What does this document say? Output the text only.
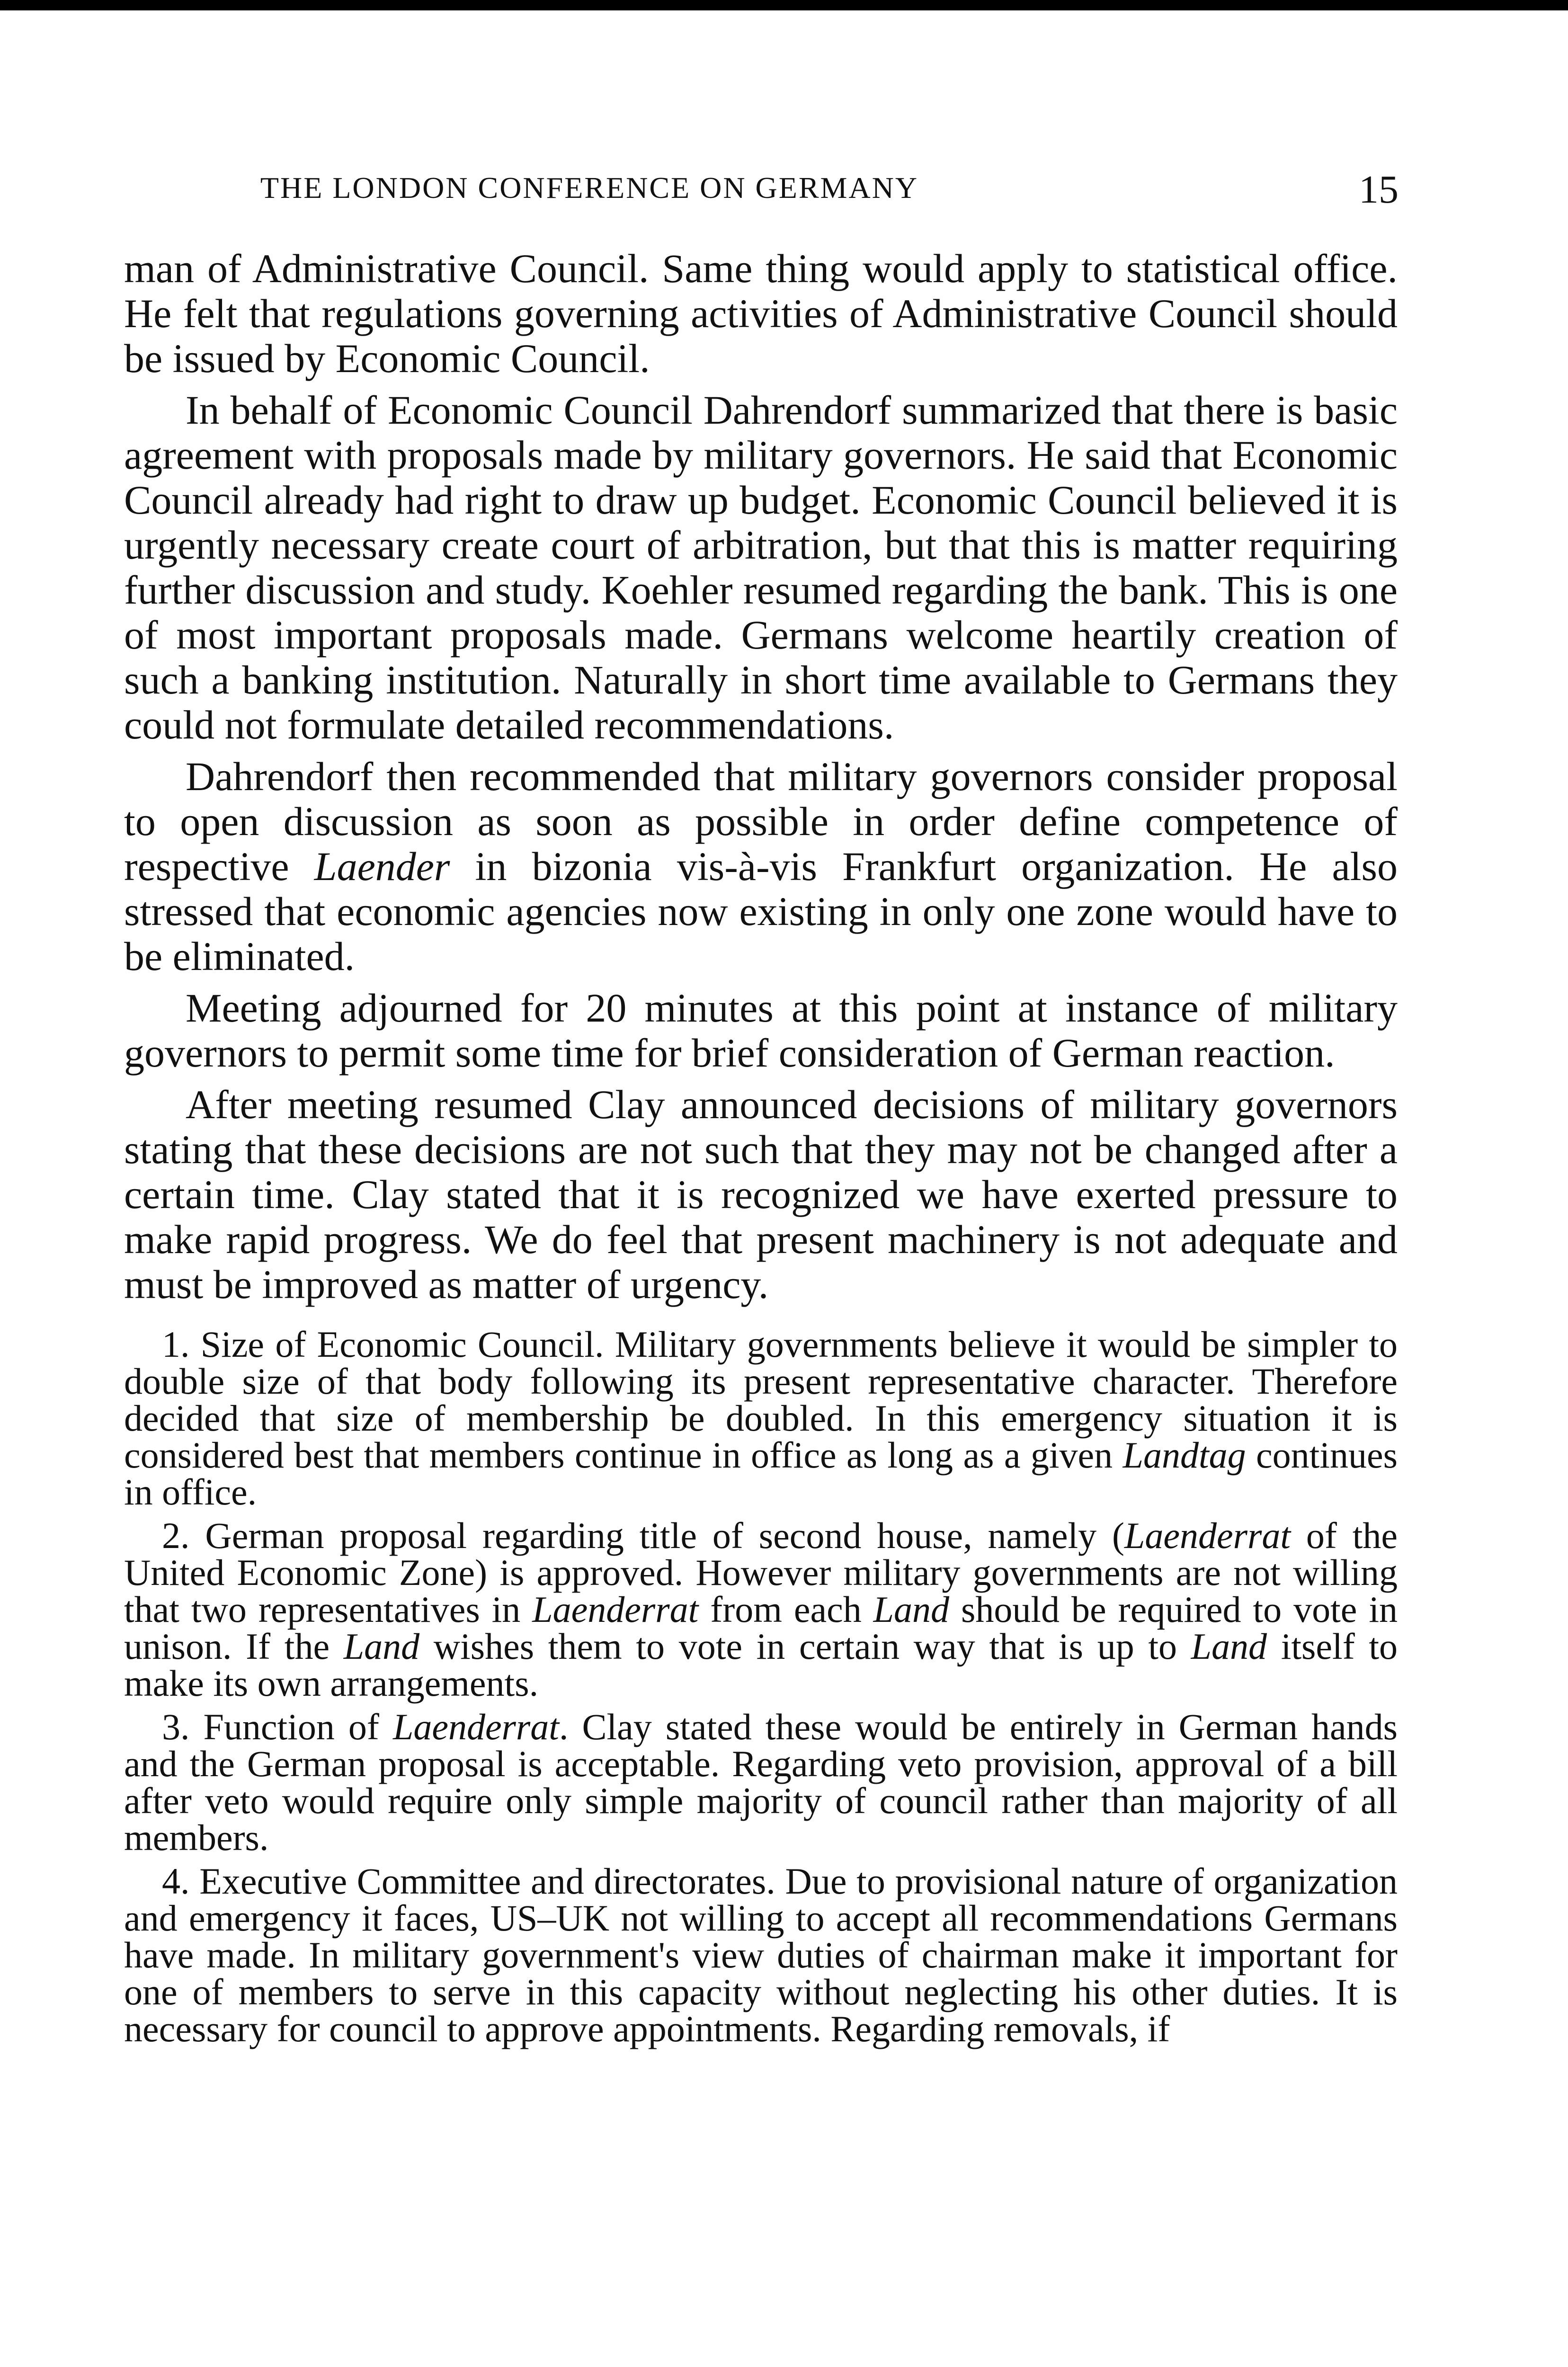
THE LONDON CONFERENCE ON GERMANY	15

man of Administrative Council. Same thing would apply to statistical office. He felt that regulations governing activities of Administrative Council should be issued by Economic Council.

In behalf of Economic Council Dahrendorf summarized that there is basic agreement with proposals made by military governors. He said that Economic Council already had right to draw up budget. Economic Council believed it is urgently necessary create court of arbitration, but that this is matter requiring further discussion and study. Koehler resumed regarding the bank. This is one of most important proposals made. Germans welcome heartily creation of such a banking institution. Naturally in short time available to Germans they could not formulate detailed recommendations.

Dahrendorf then recommended that military governors consider proposal to open discussion as soon as possible in order define competence of respective Laender in bizonia vis-à-vis Frankfurt organization. He also stressed that economic agencies now existing in only one zone would have to be eliminated.

Meeting adjourned for 20 minutes at this point at instance of military governors to permit some time for brief consideration of German reaction.

After meeting resumed Clay announced decisions of military governors stating that these decisions are not such that they may not be changed after a certain time. Clay stated that it is recognized we have exerted pressure to make rapid progress. We do feel that present machinery is not adequate and must be improved as matter of urgency.

1. Size of Economic Council. Military governments believe it would be simpler to double size of that body following its present representative character. Therefore decided that size of membership be doubled. In this emergency situation it is considered best that members continue in office as long as a given Landtag continues in office.

2. German proposal regarding title of second house, namely (Laenderrat of the United Economic Zone) is approved. However military governments are not willing that two representatives in Laenderrat from each Land should be required to vote in unison. If the Land wishes them to vote in certain way that is up to Land itself to make its own arrangements.

3. Function of Laenderrat. Clay stated these would be entirely in German hands and the German proposal is acceptable. Regarding veto provision, approval of a bill after veto would require only simple majority of council rather than majority of all members.

4. Executive Committee and directorates. Due to provisional nature of organization and emergency it faces, US–UK not willing to accept all recommendations Germans have made. In military government's view duties of chairman make it important for one of members to serve in this capacity without neglecting his other duties. It is necessary for council to approve appointments. Regarding removals, if
